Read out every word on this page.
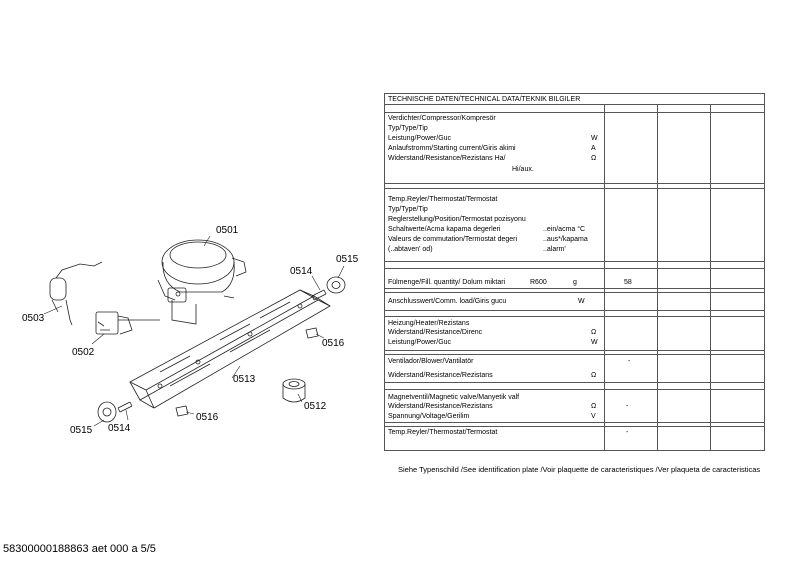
0501
0503
0502
0514
0515
0516
0513
0512
0515 0514
0516
TECHNISCHE DATEN/TECHNICAL DATA/TEKNIK BILGILER
Verdichter/Compressor/Kompresör
Typ/Type/Tip
Leistung/Power/Guc	W
Anlaufstromm/Starting current/Giris akimi	A
Widerstand/Resistance/Rezistans Ha/	Ω
Hi/aux.
Temp.Reyler/Thermostat/Termostat
Typ/Type/Tip
Reglerstellung/Position/Termostat pozisyonu
Schaltwerte/Acma kapama degerleri	..ein/acma °C
Valeurs de commutation/Termostat degeri	..aus*/kapama
(..abtaven' od)	..alarm'
Fülmenge/Fill. quantity/ Dolum miktari	R600	g	58
Anschlusswert/Comm. load/Giris gucu	W
Heizung/Heater/Rezistans
Widerstand/Resistance/Direnc	Ω
Leistung/Power/Guc	W
Ventilador/Blower/Vantilatör	-
Widerstand/Resistance/Rezistans	Ω
Magnetventil/Magnetic valve/Manyetik valf
Widerstand/Resistance/Rezistans	Ω	-
Spannung/Voltage/Gerilim	V
Temp.Reyler/Thermostat/Termostat	-
Siehe Typenschild /See identification plate /Voir plaquette de caracteristiques /Ver plaqueta de caracteristicas
58300000188863 aet 000 a 5/5
